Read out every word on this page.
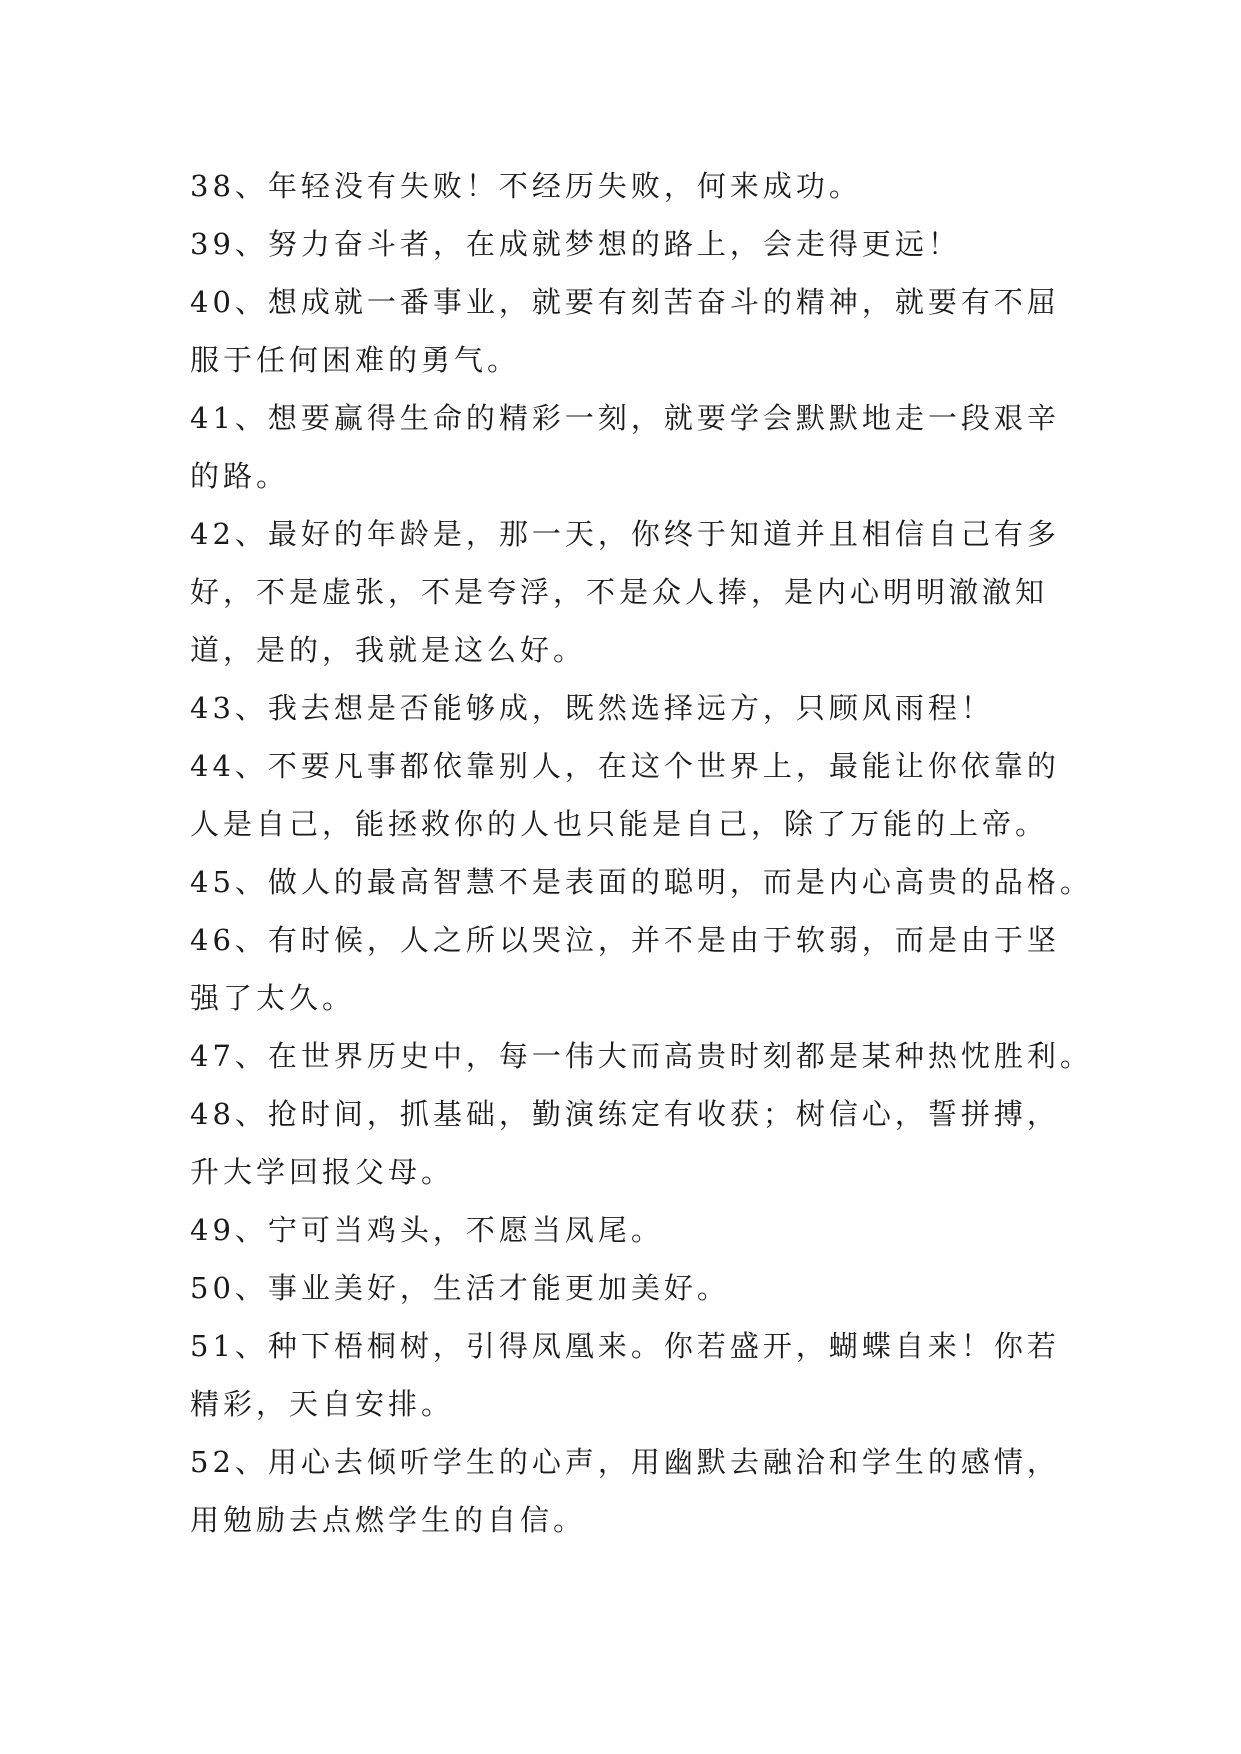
38、年轻没有失败！不经历失败，何来成功。
39、努力奋斗者，在成就梦想的路上，会走得更远！
40、想成就一番事业，就要有刻苦奋斗的精神，就要有不屈
服于任何困难的勇气。
41、想要赢得生命的精彩一刻，就要学会默默地走一段艰辛
的路。
42、最好的年龄是，那一天，你终于知道并且相信自己有多
好，不是虚张，不是夸浮，不是众人捧，是内心明明澈澈知
道，是的，我就是这么好。
43、我去想是否能够成，既然选择远方，只顾风雨程！
44、不要凡事都依靠别人，在这个世界上，最能让你依靠的
人是自己，能拯救你的人也只能是自己，除了万能的上帝。
45、做人的最高智慧不是表面的聪明，而是内心高贵的品格。
46、有时候，人之所以哭泣，并不是由于软弱，而是由于坚
强了太久。
47、在世界历史中，每一伟大而高贵时刻都是某种热忱胜利。
48、抢时间，抓基础，勤演练定有收获；树信心，誓拼搏，
升大学回报父母。
49、宁可当鸡头，不愿当凤尾。
50、事业美好，生活才能更加美好。
51、种下梧桐树，引得凤凰来。你若盛开，蝴蝶自来！你若
精彩，天自安排。
52、用心去倾听学生的心声，用幽默去融洽和学生的感情，
用勉励去点燃学生的自信。
